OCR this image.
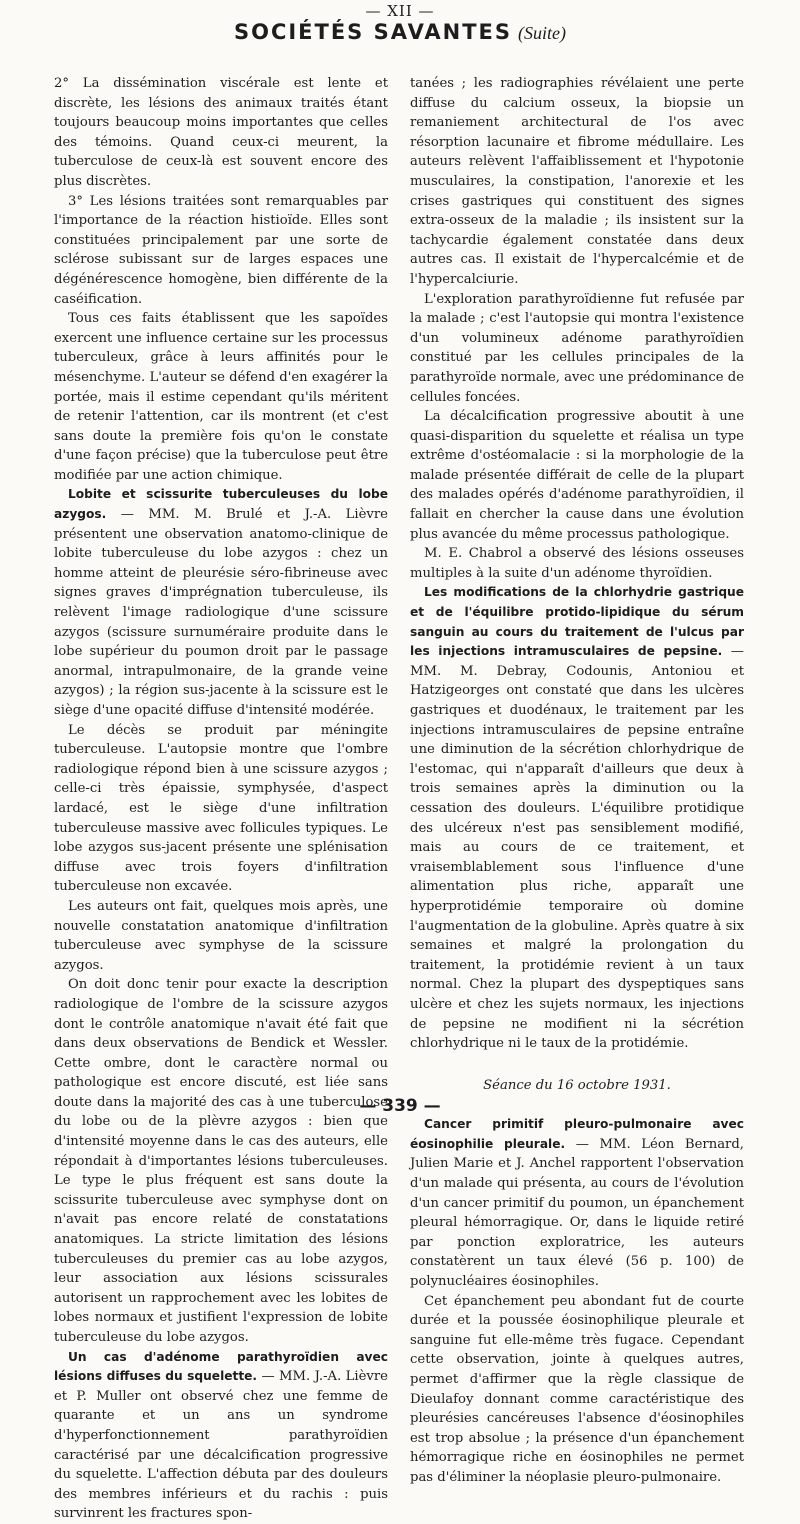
— XII —
SOCIÉTÉS SAVANTES (Suite)

2° La dissémination viscérale est lente et discrète, les lésions des animaux traités étant toujours beaucoup moins importantes que celles des témoins. Quand ceux-ci meurent, la tuberculose de ceux-là est souvent encore des plus discrètes.

3° Les lésions traitées sont remarquables par l'importance de la réaction histioïde. Elles sont constituées principalement par une sorte de sclérose subissant sur de larges espaces une dégénérescence homogène, bien différente de la caséification.

Tous ces faits établissent que les sapoïdes exercent une influence certaine sur les processus tuberculeux, grâce à leurs affinités pour le mésenchyme. L'auteur se défend d'en exagérer la portée, mais il estime cependant qu'ils méritent de retenir l'attention, car ils montrent (et c'est sans doute la première fois qu'on le constate d'une façon précise) que la tuberculose peut être modifiée par une action chimique.

Lobite et scissurite tuberculeuses du lobe azygos. — MM. M. Brulé et J.-A. Lièvre présentent une observation anatomo-clinique de lobite tuberculeuse du lobe azygos : chez un homme atteint de pleurésie séro-fibrineuse avec signes graves d'imprégnation tuberculeuse, ils relèvent l'image radiologique d'une scissure azygos (scissure surnuméraire produite dans le lobe supérieur du poumon droit par le passage anormal, intrapulmonaire, de la grande veine azygos) ; la région sus-jacente à la scissure est le siège d'une opacité diffuse d'intensité modérée.

Le décès se produit par méningite tuberculeuse. L'autopsie montre que l'ombre radiologique répond bien à une scissure azygos ; celle-ci très épaissie, symphysée, d'aspect lardacé, est le siège d'une infiltration tuberculeuse massive avec follicules typiques. Le lobe azygos sus-jacent présente une splénisation diffuse avec trois foyers d'infiltration tuberculeuse non excavée.

Les auteurs ont fait, quelques mois après, une nouvelle constatation anatomique d'infiltration tuberculeuse avec symphyse de la scissure azygos.

On doit donc tenir pour exacte la description radiologique de l'ombre de la scissure azygos dont le contrôle anatomique n'avait été fait que dans deux observations de Bendick et Wessler. Cette ombre, dont le caractère normal ou pathologique est encore discuté, est liée sans doute dans la majorité des cas à une tuberculose du lobe ou de la plèvre azygos : bien que d'intensité moyenne dans le cas des auteurs, elle répondait à d'importantes lésions tuberculeuses. Le type le plus fréquent est sans doute la scissurite tuberculeuse avec symphyse dont on n'avait pas encore relaté de constatations anatomiques. La stricte limitation des lésions tuberculeuses du premier cas au lobe azygos, leur association aux lésions scissurales autorisent un rapprochement avec les lobites de lobes normaux et justifient l'expression de lobite tuberculeuse du lobe azygos.

Un cas d'adénome parathyroïdien avec lésions diffuses du squelette. — MM. J.-A. Lièvre et P. Muller ont observé chez une femme de quarante et un ans un syndrome d'hyperfonctionnement parathyroïdien caractérisé par une décalcification progressive du squelette. L'affection débuta par des douleurs des membres inférieurs et du rachis : puis survinrent les fractures spon-

tanées ; les radiographies révélaient une perte diffuse du calcium osseux, la biopsie un remaniement architectural de l'os avec résorption lacunaire et fibrome médullaire. Les auteurs relèvent l'affaiblissement et l'hypotonie musculaires, la constipation, l'anorexie et les crises gastriques qui constituent des signes extra-osseux de la maladie ; ils insistent sur la tachycardie également constatée dans deux autres cas. Il existait de l'hypercalcémie et de l'hypercalciurie.

L'exploration parathyroïdienne fut refusée par la malade ; c'est l'autopsie qui montra l'existence d'un volumineux adénome parathyroïdien constitué par les cellules principales de la parathyroïde normale, avec une prédominance de cellules foncées.

La décalcification progressive aboutit à une quasi-disparition du squelette et réalisa un type extrême d'ostéomalacie : si la morphologie de la malade présentée différait de celle de la plupart des malades opérés d'adénome parathyroïdien, il fallait en chercher la cause dans une évolution plus avancée du même processus pathologique.

M. E. Chabrol a observé des lésions osseuses multiples à la suite d'un adénome thyroïdien.

Les modifications de la chlorhydrie gastrique et de l'équilibre protido-lipidique du sérum sanguin au cours du traitement de l'ulcus par les injections intramusculaires de pepsine. — MM. M. Debray, Codounis, Antoniou et Hatzigeorges ont constaté que dans les ulcères gastriques et duodénaux, le traitement par les injections intramusculaires de pepsine entraîne une diminution de la sécrétion chlorhydrique de l'estomac, qui n'apparaît d'ailleurs que deux à trois semaines après la diminution ou la cessation des douleurs. L'équilibre protidique des ulcéreux n'est pas sensiblement modifié, mais au cours de ce traitement, et vraisemblablement sous l'influence d'une alimentation plus riche, apparaît une hyperprotidémie temporaire où domine l'augmentation de la globuline. Après quatre à six semaines et malgré la prolongation du traitement, la protidémie revient à un taux normal. Chez la plupart des dyspeptiques sans ulcère et chez les sujets normaux, les injections de pepsine ne modifient ni la sécrétion chlorhydrique ni le taux de la protidémie.

Séance du 16 octobre 1931.

Cancer primitif pleuro-pulmonaire avec éosinophilie pleurale. — MM. Léon Bernard, Julien Marie et J. Anchel rapportent l'observation d'un malade qui présenta, au cours de l'évolution d'un cancer primitif du poumon, un épanchement pleural hémorragique. Or, dans le liquide retiré par ponction exploratrice, les auteurs constatèrent un taux élevé (56 p. 100) de polynucléaires éosinophiles.

Cet épanchement peu abondant fut de courte durée et la poussée éosinophilique pleurale et sanguine fut elle-même très fugace. Cependant cette observation, jointe à quelques autres, permet d'affirmer que la règle classique de Dieulafoy donnant comme caractéristique des pleurésies cancéreuses l'absence d'éosinophiles est trop absolue ; la présence d'un épanchement hémorragique riche en éosinophiles ne permet pas d'éliminer la néoplasie pleuro-pulmonaire.

— 339 —
